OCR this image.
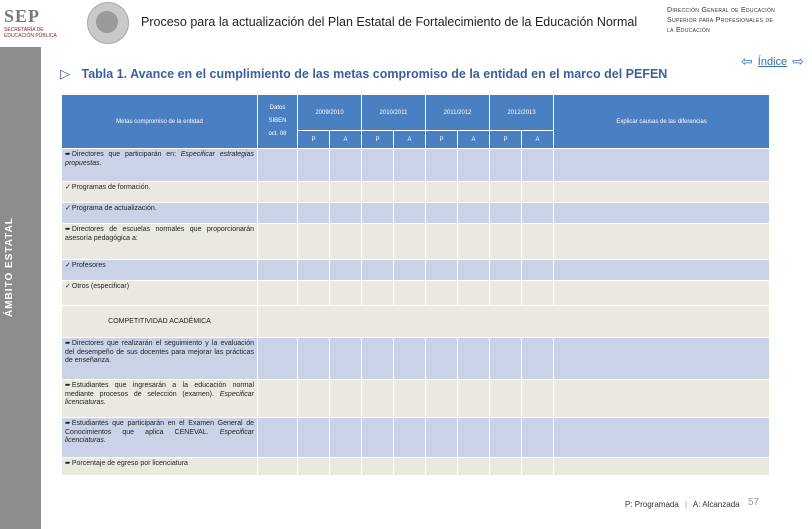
SEP
SECRETARÍA DE
EDUCACIÓN PÚBLICA
Proceso para la actualización del Plan Estatal de Fortalecimiento de la Educación Normal
Dirección General de Educación
Superior para Profesionales de
la Educación
ÁMBITO ESTATAL
⇦ Índice ⇨
▷ Tabla 1. Avance en el cumplimiento de las metas compromiso de la entidad en el marco del PEFEN
Metas compromiso de la entidad	Datos
SIBEN
oct. 08	2009/2010		2010/2011		2011/2012		2012/2013		Explicar causas de las diferencias
		P	A	P	A	P	A	P	A	
➨Directores que participarán en: Especificar estrategias propuestas.										
✓Programas de formación.										
✓Programa de actualización.										
➨Directores de escuelas normales que proporcionarán asesoría pedagógica a:										
✓Profesores										
✓Otros (especificar)										
COMPETITIVIDAD ACADÉMICA										
➨Directores que realizarán el seguimiento y la evaluación del desempeño de sus docentes para mejorar las prácticas de enseñanza.										
➨Estudiantes que ingresarán a la educación normal mediante procesos de selección (examen). Especificar licenciaturas.										
➨Estudiantes que participarán en el Examen General de Conocimientos que aplica CENEVAL. Especificar licenciaturas.										
➨Porcentaje de egreso por licenciatura										
P: Programada | A: Alcanzada 57
